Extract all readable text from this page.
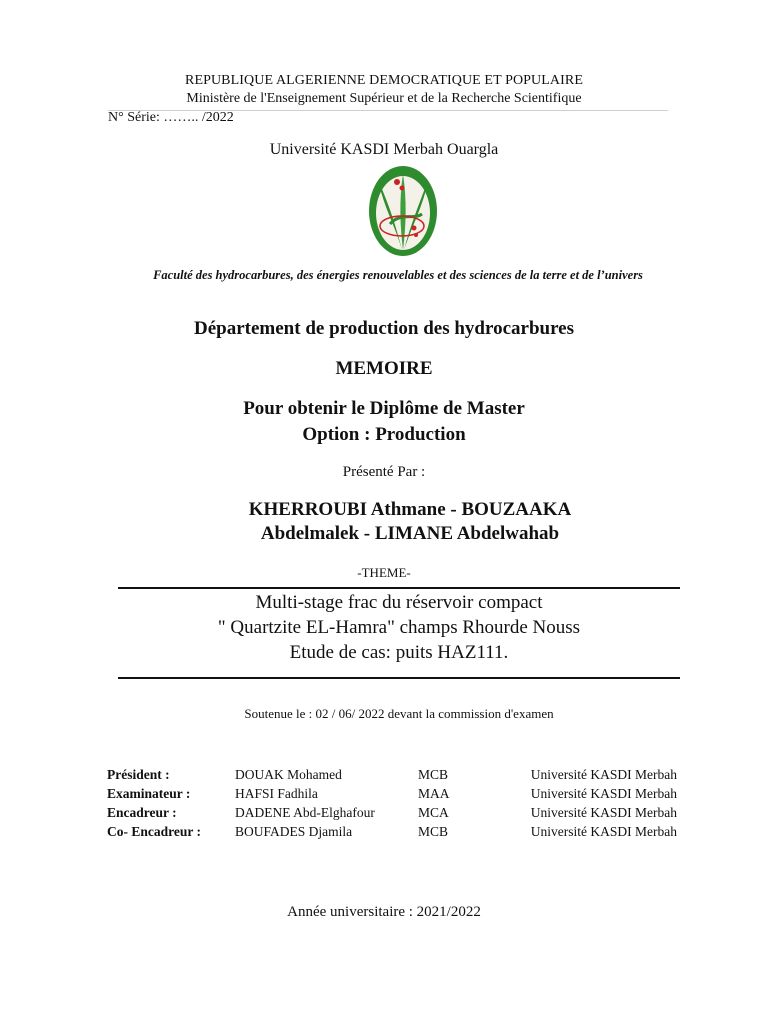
REPUBLIQUE ALGERIENNE DEMOCRATIQUE ET POPULAIRE
Ministère de l'Enseignement Supérieur et de la Recherche Scientifique
N° Série: …….. /2022
Université KASDI Merbah Ouargla
Faculté des hydrocarbures, des énergies renouvelables et des sciences de la terre et de l’univers
Département de production des hydrocarbures
MEMOIRE
Pour obtenir le Diplôme de Master
Option : Production
Présenté Par :
KHERROUBI Athmane - BOUZAAKA Abdelmalek - LIMANE Abdelwahab
-THEME-
Multi-stage frac du réservoir compact
" Quartzite EL-Hamra" champs Rhourde Nouss
Etude de cas: puits HAZ111.
Soutenue le : 02 / 06/ 2022 devant la commission d'examen
Président :	DOUAK Mohamed	MCB	Université KASDI Merbah
Examinateur :	HAFSI Fadhila	MAA	Université KASDI Merbah
Encadreur :	DADENE Abd-Elghafour	MCA	Université KASDI Merbah
Co- Encadreur :	BOUFADES Djamila	MCB	Université KASDI Merbah
Année universitaire : 2021/2022
